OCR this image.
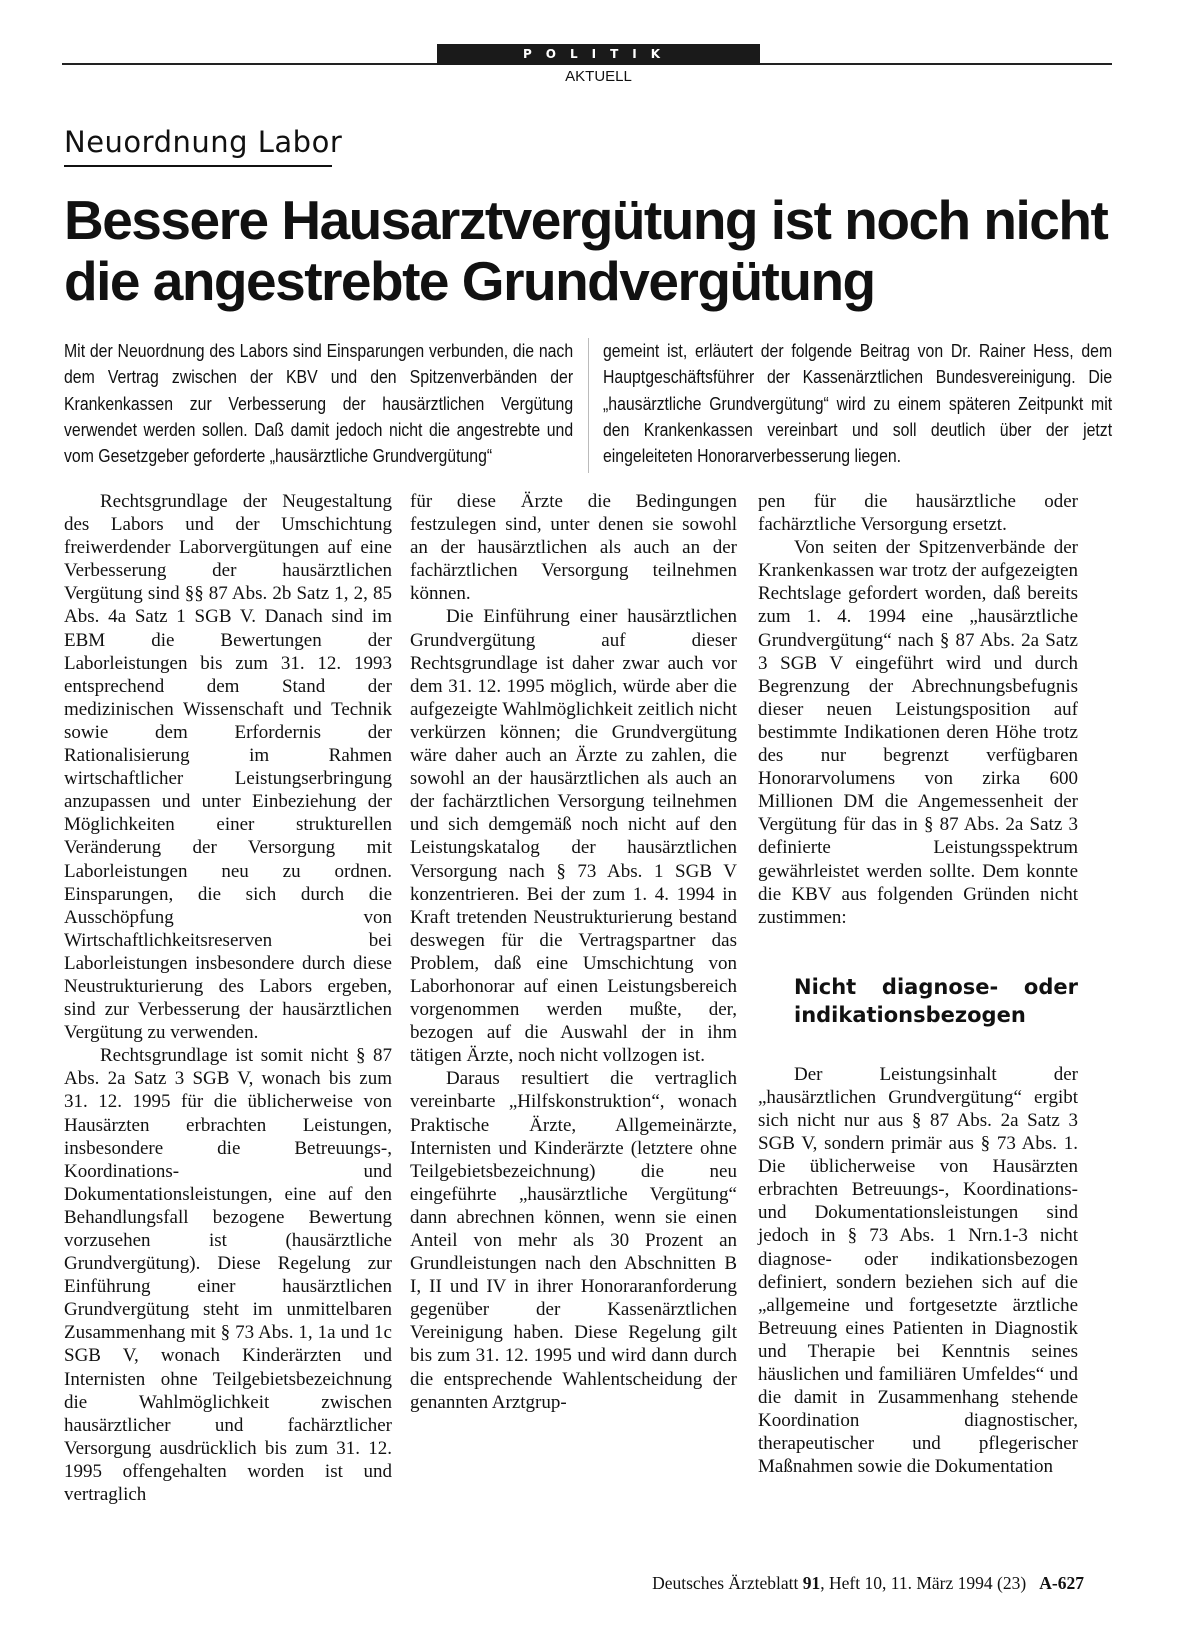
POLITIK
AKTUELL
Neuordnung Labor
Bessere Hausarztvergütung ist noch nicht die angestrebte Grundvergütung
Mit der Neuordnung des Labors sind Einsparungen verbunden, die nach dem Vertrag zwischen der KBV und den Spitzenverbänden der Krankenkassen zur Verbesserung der hausärztlichen Vergütung verwendet werden sollen. Daß damit jedoch nicht die angestrebte und vom Gesetzgeber geforderte „hausärztliche Grundvergütung“
gemeint ist, erläutert der folgende Beitrag von Dr. Rainer Hess, dem Hauptgeschäftsführer der Kassenärztlichen Bundesvereinigung. Die „hausärztliche Grundvergütung“ wird zu einem späteren Zeitpunkt mit den Krankenkassen vereinbart und soll deutlich über der jetzt eingeleiteten Honorarverbesserung liegen.

Rechtsgrundlage der Neugestaltung des Labors und der Umschichtung freiwerdender Laborvergütungen auf eine Verbesserung der hausärztlichen Vergütung sind §§ 87 Abs. 2b Satz 1, 2, 85 Abs. 4a Satz 1 SGB V. Danach sind im EBM die Bewertungen der Laborleistungen bis zum 31. 12. 1993 entsprechend dem Stand der medizinischen Wissenschaft und Technik sowie dem Erfordernis der Rationalisierung im Rahmen wirtschaftlicher Leistungserbringung anzupassen und unter Einbeziehung der Möglichkeiten einer strukturellen Veränderung der Versorgung mit Laborleistungen neu zu ordnen. Einsparungen, die sich durch die Ausschöpfung von Wirtschaftlichkeitsreserven bei Laborleistungen insbesondere durch diese Neustrukturierung des Labors ergeben, sind zur Verbesserung der hausärztlichen Vergütung zu verwenden.

Rechtsgrundlage ist somit nicht § 87 Abs. 2a Satz 3 SGB V, wonach bis zum 31. 12. 1995 für die üblicherweise von Hausärzten erbrachten Leistungen, insbesondere die Betreuungs-, Koordinations- und Dokumentationsleistungen, eine auf den Behandlungsfall bezogene Bewertung vorzusehen ist (hausärztliche Grundvergütung). Diese Regelung zur Einführung einer hausärztlichen Grundvergütung steht im unmittelbaren Zusammenhang mit § 73 Abs. 1, 1a und 1c SGB V, wonach Kinderärzten und Internisten ohne Teilgebietsbezeichnung die Wahlmöglichkeit zwischen hausärztlicher und fachärztlicher Versorgung ausdrücklich bis zum 31. 12. 1995 offengehalten worden ist und vertraglich

für diese Ärzte die Bedingungen festzulegen sind, unter denen sie sowohl an der hausärztlichen als auch an der fachärztlichen Versorgung teilnehmen können.

Die Einführung einer hausärztlichen Grundvergütung auf dieser Rechtsgrundlage ist daher zwar auch vor dem 31. 12. 1995 möglich, würde aber die aufgezeigte Wahlmöglichkeit zeitlich nicht verkürzen können; die Grundvergütung wäre daher auch an Ärzte zu zahlen, die sowohl an der hausärztlichen als auch an der fachärztlichen Versorgung teilnehmen und sich demgemäß noch nicht auf den Leistungskatalog der hausärztlichen Versorgung nach § 73 Abs. 1 SGB V konzentrieren. Bei der zum 1. 4. 1994 in Kraft tretenden Neustrukturierung bestand deswegen für die Vertragspartner das Problem, daß eine Umschichtung von Laborhonorar auf einen Leistungsbereich vorgenommen werden mußte, der, bezogen auf die Auswahl der in ihm tätigen Ärzte, noch nicht vollzogen ist.

Daraus resultiert die vertraglich vereinbarte „Hilfskonstruktion“, wonach Praktische Ärzte, Allgemeinärzte, Internisten und Kinderärzte (letztere ohne Teilgebietsbezeichnung) die neu eingeführte „hausärztliche Vergütung“ dann abrechnen können, wenn sie einen Anteil von mehr als 30 Prozent an Grundleistungen nach den Abschnitten B I, II und IV in ihrer Honoraranforderung gegenüber der Kassenärztlichen Vereinigung haben. Diese Regelung gilt bis zum 31. 12. 1995 und wird dann durch die entsprechende Wahlentscheidung der genannten Arztgrup-

pen für die hausärztliche oder fachärztliche Versorgung ersetzt.

Von seiten der Spitzenverbände der Krankenkassen war trotz der aufgezeigten Rechtslage gefordert worden, daß bereits zum 1. 4. 1994 eine „hausärztliche Grundvergütung“ nach § 87 Abs. 2a Satz 3 SGB V eingeführt wird und durch Begrenzung der Abrechnungsbefugnis dieser neuen Leistungsposition auf bestimmte Indikationen deren Höhe trotz des nur begrenzt verfügbaren Honorarvolumens von zirka 600 Millionen DM die Angemessenheit der Vergütung für das in § 87 Abs. 2a Satz 3 definierte Leistungsspektrum gewährleistet werden sollte. Dem konnte die KBV aus folgenden Gründen nicht zustimmen:

Nicht diagnose- oder indikationsbezogen

Der Leistungsinhalt der „hausärztlichen Grundvergütung“ ergibt sich nicht nur aus § 87 Abs. 2a Satz 3 SGB V, sondern primär aus § 73 Abs. 1. Die üblicherweise von Hausärzten erbrachten Betreuungs-, Koordinations- und Dokumentationsleistungen sind jedoch in § 73 Abs. 1 Nrn.1-3 nicht diagnose- oder indikationsbezogen definiert, sondern beziehen sich auf die „allgemeine und fortgesetzte ärztliche Betreuung eines Patienten in Diagnostik und Therapie bei Kenntnis seines häuslichen und familiären Umfeldes“ und die damit in Zusammenhang stehende Koordination diagnostischer, therapeutischer und pflegerischer Maßnahmen sowie die Dokumentation

Deutsches Ärzteblatt 91, Heft 10, 11. März 1994 (23) A-627
